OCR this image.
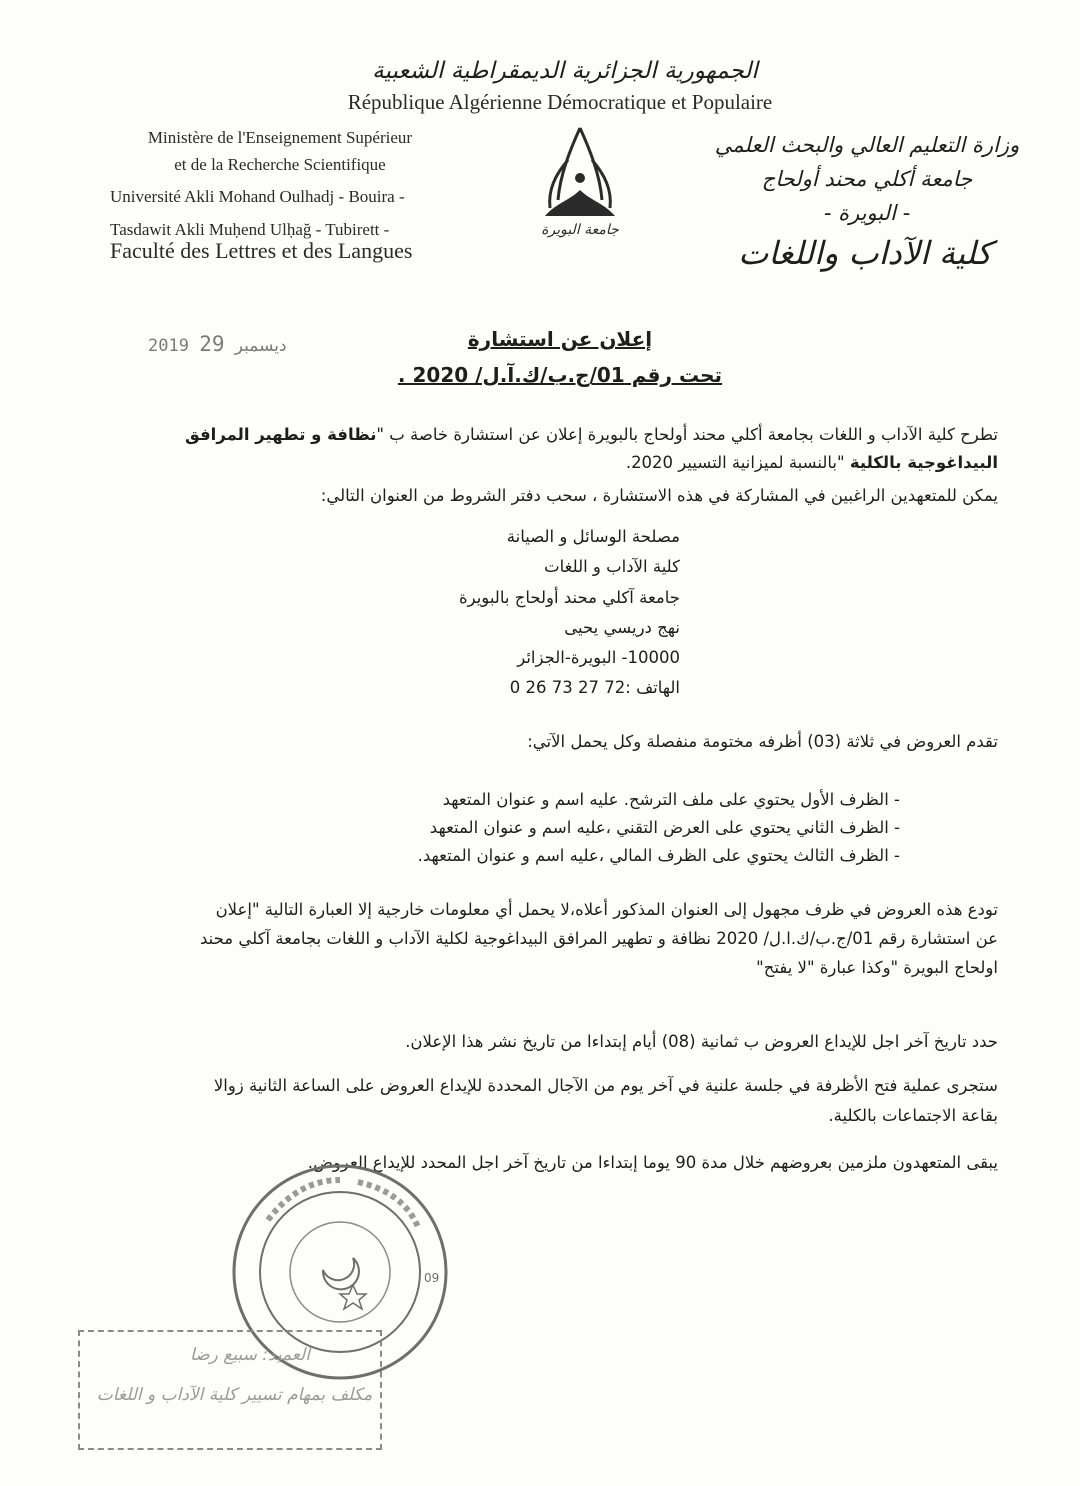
الجمهورية الجزائرية الديمقراطية الشعبية
République Algérienne Démocratique et Populaire
Ministère de l'Enseignement Supérieur
et de la Recherche Scientifique
Université Akli Mohand Oulhadj - Bouira -
Tasdawit Akli Muḥend Ulḥağ - Tubirett -
Faculté des Lettres et des Langues
وزارة التعليم العالي والبحث العلمي
جامعة أكلي محند أولحاج
- البويرة -
كلية الآداب واللغات
جامعة البويرة
2019	ديسمبر 29	إعلان عن استشارة
تحت رقم 01/ج.ب/ك.آ.ل/ 2020 .
تطرح كلية الآداب و اللغات بجامعة أكلي محند أولحاج بالبويرة إعلان عن استشارة خاصة ب "نظافة و تطهير المرافق
البيداغوجية بالكلية "بالنسبة لميزانية التسيير 2020.
يمكن للمتعهدين الراغبين في المشاركة في هذه الاستشارة ، سحب دفتر الشروط من العنوان التالي:
مصلحة الوسائل و الصيانة
كلية الآداب و اللغات
جامعة آكلي محند أولحاج بالبويرة
نهج دريسي يحيى
10000- البويرة-الجزائر
الهاتف :72 27 73 26 0
تقدم العروض في ثلاثة (03) أظرفه مختومة منفصلة وكل يحمل الآتي:
- الظرف الأول يحتوي على ملف الترشح. عليه اسم و عنوان المتعهد
- الظرف الثاني يحتوي على العرض التقني ،عليه اسم و عنوان المتعهد
- الظرف الثالث يحتوي على الظرف المالي ،عليه اسم و عنوان المتعهد.
تودع هذه العروض في ظرف مجهول إلى العنوان المذكور أعلاه،لا يحمل أي معلومات خارجية إلا العبارة التالية "إعلان
عن استشارة رقم 01/ج.ب/ك.ا.ل/ 2020 نظافة و تطهير المرافق البيداغوجية لكلية الآداب و اللغات بجامعة آكلي محند
اولحاج البويرة "وكذا عبارة "لا يفتح"
حدد تاريخ آخر اجل للإيداع العروض ب ثمانية (08) أيام إبتداءا من تاريخ نشر هذا الإعلان.
ستجرى عملية فتح الأظرفة في جلسة علنية في آخر يوم من الآجال المحددة للإيداع العروض على الساعة الثانية زوالا
بقاعة الاجتماعات بالكلية.
يبقى المتعهدون ملزمين بعروضهم خلال مدة 90 يوما إبتداءا من تاريخ آخر اجل المحدد للإيداع العروض.
09
العميد: سبيع رضا
مكلف بمهام تسيير كلية الآداب و اللغات
